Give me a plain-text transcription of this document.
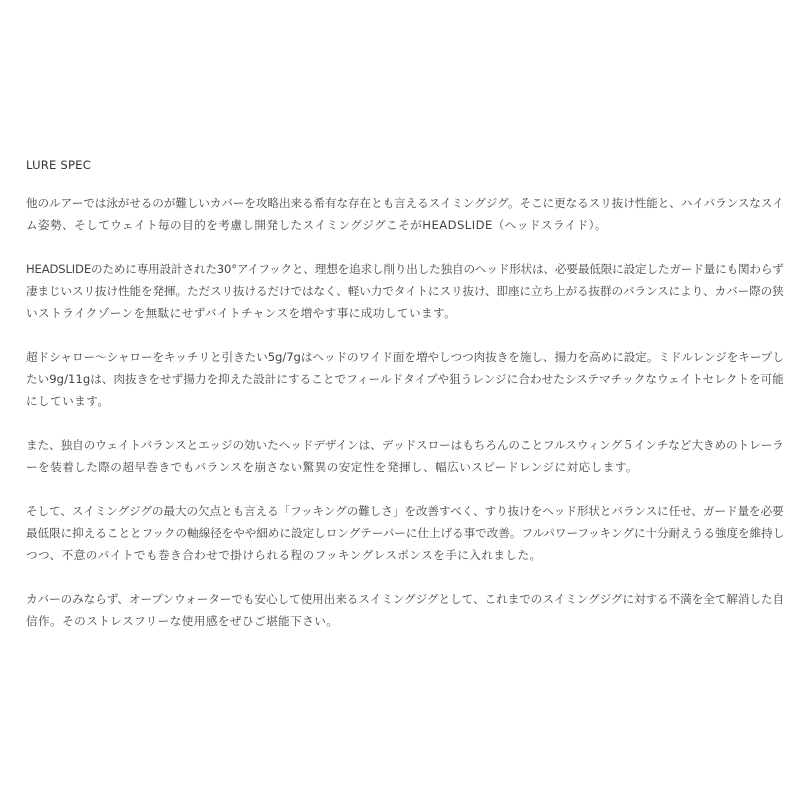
LURE SPEC
他のルアーでは泳がせるのが難しいカバーを攻略出来る希有な存在とも言えるスイミングジグ。そこに更なるスリ抜け性能と、ハイバランスなスイ
ム姿勢、そしてウェイト毎の目的を考慮し開発したスイミングジグこそがHEADSLIDE（ヘッドスライド）。
HEADSLIDEのために専用設計された30°アイフックと、理想を追求し削り出した独自のヘッド形状は、必要最低限に設定したガード量にも関わらず
凄まじいスリ抜け性能を発揮。ただスリ抜けるだけではなく、軽い力でタイトにスリ抜け、即座に立ち上がる抜群のバランスにより、カバー際の狭
いストライクゾーンを無駄にせずバイトチャンスを増やす事に成功しています。
超ドシャロー〜シャローをキッチリと引きたい5g/7gはヘッドのワイド面を増やしつつ肉抜きを施し、揚力を高めに設定。ミドルレンジをキープし
たい9g/11gは、肉抜きをせず揚力を抑えた設計にすることでフィールドタイプや狙うレンジに合わせたシステマチックなウェイトセレクトを可能
にしています。
また、独自のウェイトバランスとエッジの効いたヘッドデザインは、デッドスローはもちろんのことフルスウィング５インチなど大きめのトレーラ
ーを装着した際の超早巻きでもバランスを崩さない驚異の安定性を発揮し、幅広いスピードレンジに対応します。
そして、スイミングジグの最大の欠点とも言える「フッキングの難しさ」を改善すべく、すり抜けをヘッド形状とバランスに任せ、ガード量を必要
最低限に抑えることとフックの軸線径をやや細めに設定しロングテーパーに仕上げる事で改善。フルパワーフッキングに十分耐えうる強度を維持し
つつ、不意のバイトでも巻き合わせで掛けられる程のフッキングレスポンスを手に入れました。
カバーのみならず、オープンウォーターでも安心して使用出来るスイミングジグとして、これまでのスイミングジグに対する不満を全て解消した自
信作。そのストレスフリーな使用感をぜひご堪能下さい。
